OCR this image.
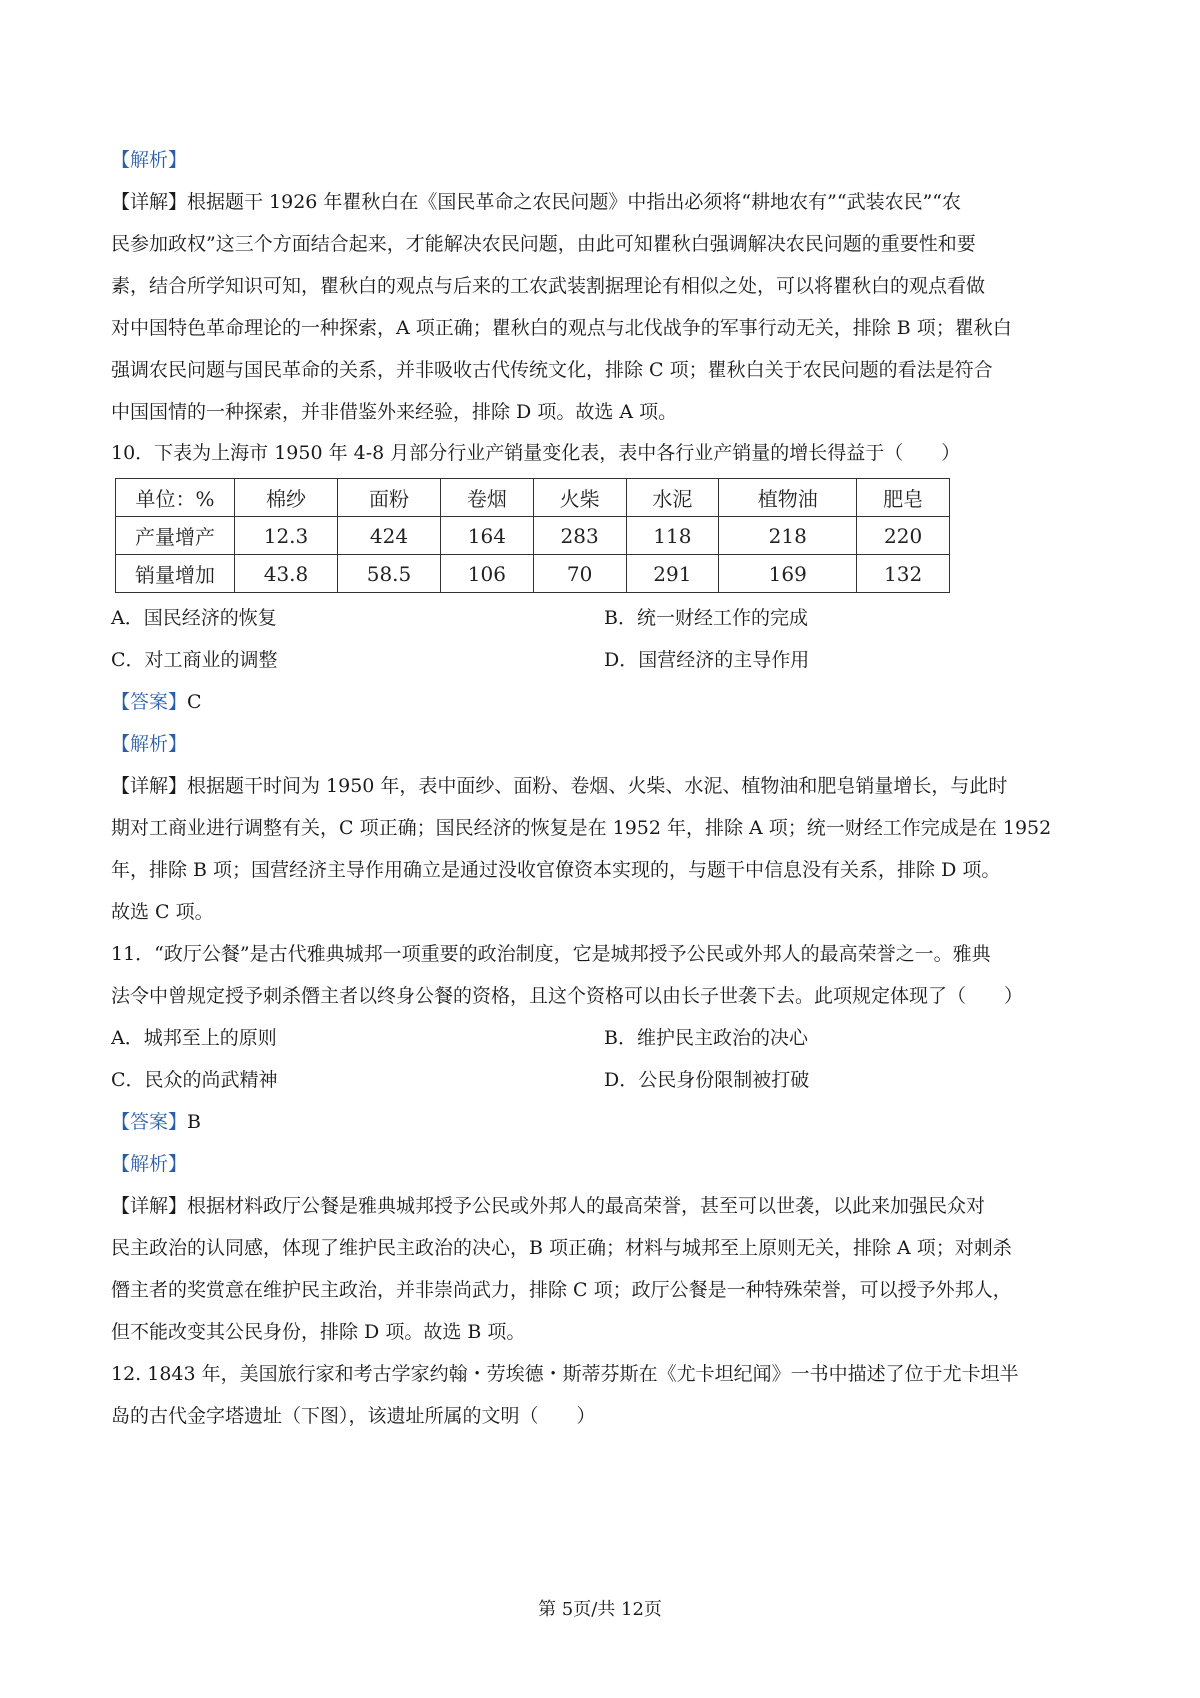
【解析】
【详解】根据题干 1926 年瞿秋白在《国民革命之农民问题》中指出必须将“耕地农有”“武装农民”“农
民参加政权”这三个方面结合起来，才能解决农民问题，由此可知瞿秋白强调解决农民问题的重要性和要
素，结合所学知识可知，瞿秋白的观点与后来的工农武装割据理论有相似之处，可以将瞿秋白的观点看做
对中国特色革命理论的一种探索，A 项正确；瞿秋白的观点与北伐战争的军事行动无关，排除 B 项；瞿秋白
强调农民问题与国民革命的关系，并非吸收古代传统文化，排除 C 项；瞿秋白关于农民问题的看法是符合
中国国情的一种探索，并非借鉴外来经验，排除 D 项。故选 A 项。
10．下表为上海市 1950 年 4-8 月部分行业产销量变化表，表中各行业产销量的增长得益于（　　）
单位：%	棉纱	面粉	卷烟	火柴	水泥	植物油	肥皂
产量增产	12.3	424	164	283	118	218	220
销量增加	43.8	58.5	106	70	291	169	132
A．国民经济的恢复	B．统一财经工作的完成
C．对工商业的调整	D．国营经济的主导作用
【答案】C
【解析】
【详解】根据题干时间为 1950 年，表中面纱、面粉、卷烟、火柴、水泥、植物油和肥皂销量增长，与此时
期对工商业进行调整有关，C 项正确；国民经济的恢复是在 1952 年，排除 A 项；统一财经工作完成是在 1952
年，排除 B 项；国营经济主导作用确立是通过没收官僚资本实现的，与题干中信息没有关系，排除 D 项。
故选 C 项。
11．“政厅公餐”是古代雅典城邦一项重要的政治制度，它是城邦授予公民或外邦人的最高荣誉之一。雅典
法令中曾规定授予刺杀僭主者以终身公餐的资格，且这个资格可以由长子世袭下去。此项规定体现了（　　）
A．城邦至上的原则	B．维护民主政治的决心
C．民众的尚武精神	D．公民身份限制被打破
【答案】B
【解析】
【详解】根据材料政厅公餐是雅典城邦授予公民或外邦人的最高荣誉，甚至可以世袭，以此来加强民众对
民主政治的认同感，体现了维护民主政治的决心，B 项正确；材料与城邦至上原则无关，排除 A 项；对刺杀
僭主者的奖赏意在维护民主政治，并非崇尚武力，排除 C 项；政厅公餐是一种特殊荣誉，可以授予外邦人，
但不能改变其公民身份，排除 D 项。故选 B 项。
12. 1843 年，美国旅行家和考古学家约翰・劳埃德・斯蒂芬斯在《尤卡坦纪闻》一书中描述了位于尤卡坦半
岛的古代金字塔遗址（下图），该遗址所属的文明（　　）
第 5页/共 12页
